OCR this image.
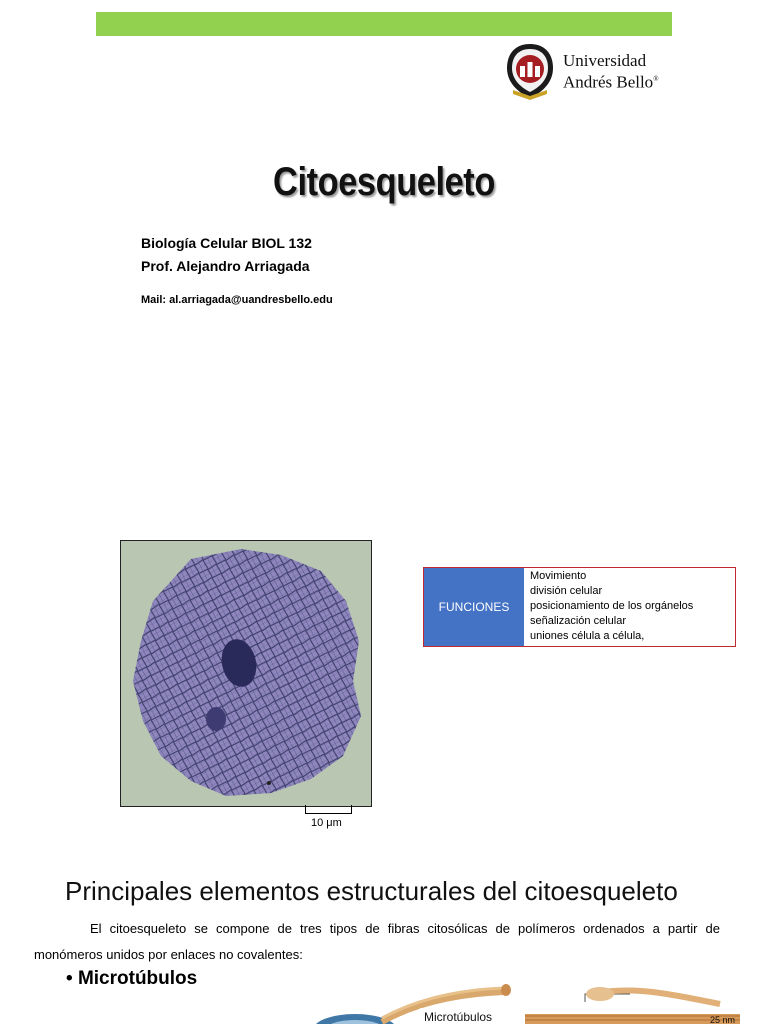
Universidad
Andrés Bello®
Citoesqueleto
Biología Celular BIOL 132
Prof. Alejandro Arriagada
Mail: al.arriagada@uandresbello.edu
10 μm
FUNCIONES
Movimiento
división celular
posicionamiento de los orgánelos
señalización celular
uniones célula a célula,
Principales elementos estructurales del citoesqueleto
El citoesqueleto se compone de tres tipos de fibras citosólicas de polímeros ordenados a partir de monómeros unidos por enlaces no covalentes:
• Microtúbulos
Microtúbulos	25 nm
